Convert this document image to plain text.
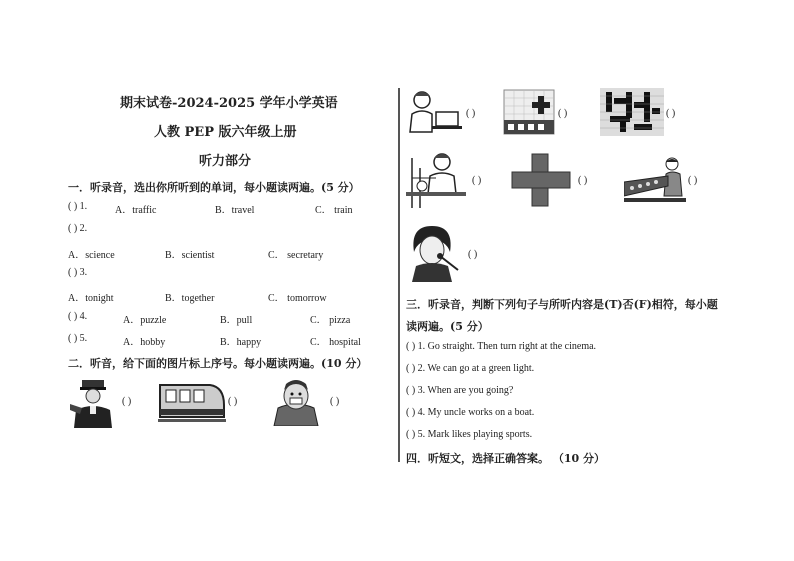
期末试卷-2024-2025 学年小学英语
人教 PEP 版六年级上册
听力部分
一．听录音，选出你所听到的单词，每小题读两遍。(5 分）
( ) 1.	A．traffic	B．travel	C． train
( ) 2.
A．science	B．scientist	C． secretary
( ) 3.
A．tonight	B．together	C． tomorrow
( ) 4.	A．puzzle	B．pull	C． pizza
( ) 5.	A．hobby	B．happy	C． hospital
二．听音，给下面的图片标上序号。每小题读两遍。(10 分）
( )	( )	( )
( )	( )	( )
( )	( )	( )
( )
三．听录音，判断下列句子与所听内容是(T)否(F)相符，每小题
读两遍。(5 分）
( ) 1. Go straight. Then turn right at the cinema.
( ) 2. We can go at a green light.
( ) 3. When are you going?
( ) 4. My uncle works on a boat.
( ) 5. Mark likes playing sports.
四．听短文，选择正确答案。 （10 分）
